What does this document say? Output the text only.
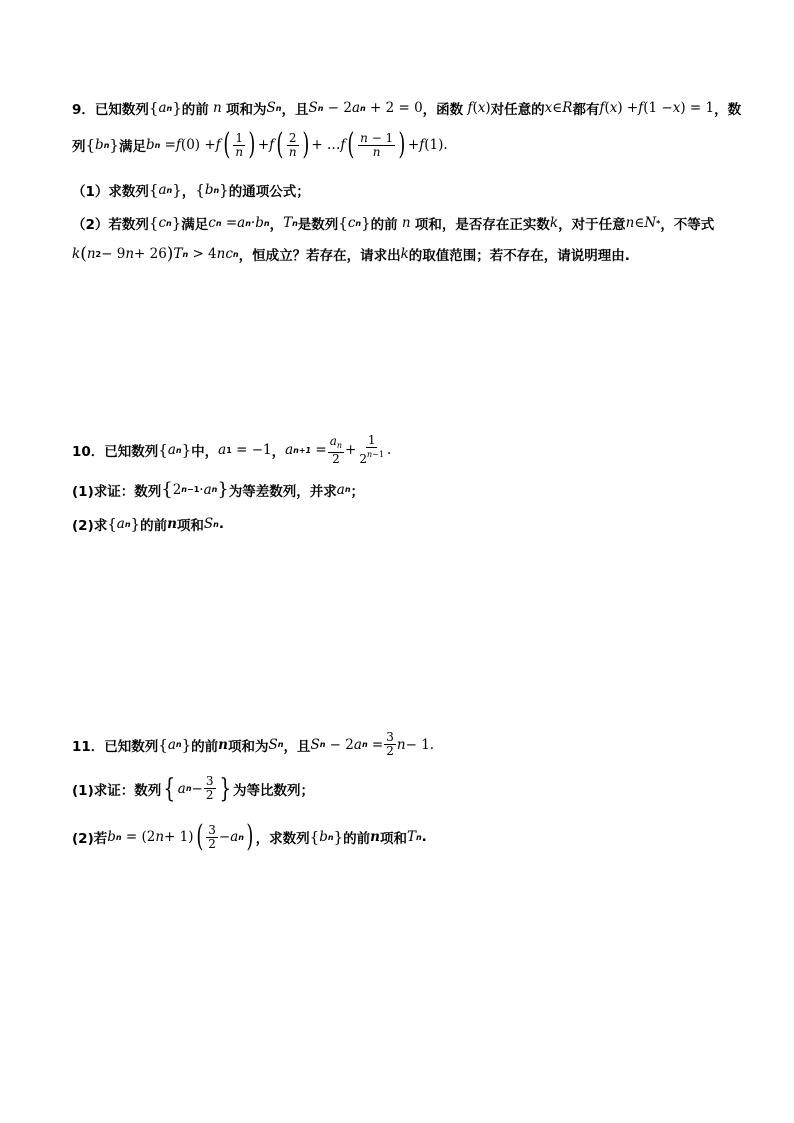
9．已知数列 { a n } 的前 n 项和为 S n ，且 S n − 2 a n + 2 = 0 ，函数 f ( x ) 对任意的 x ∈ R 都有 f ( x ) + f (1 − x ) = 1 ，数
列 { b n } 满足 b n = f (0) + f ( $\frac{1}{n}$ ) + f ( $\frac{2}{n}$ ) + … f ( $\frac{n - 1}{n}$ ) + f (1).
（1）求数列 { a n } ， { b n } 的通项公式；
（2）若数列 { c n } 满足 c n = a n · b n ， T n 是数列 { c n } 的前 n 项和，是否存在正实数 k ，对于任意 n ∈ N * ，不等式
k ( n 2 − 9 n + 26 ) T n > 4 nc n ，恒成立？若存在，请求出 k 的取值范围；若不存在，请说明理由.
10．已知数列 { a n } 中， a 1 = −1 ， a $n+1 = \frac{a_n}{2} + \frac{1}{2^{n-1}}$ .
(1)求证：数列 { 2 n−1 · a n } 为等差数列，并求 a n ；
(2)求 { a n } 的前 n 项和 S n .
11．已知数列 { a n } 的前 n 项和为 S n ，且 S n − 2 a $n = \frac{3}{2}$ n − 1.
(1)求证：数列 { a $n - \frac{3}{2}$ } 为等比数列；
(2)若 b n = (2 n + 1) ( $\frac{3}{2} - a$ n ) ，求数列 { b n } 的前 n 项和 T n .
